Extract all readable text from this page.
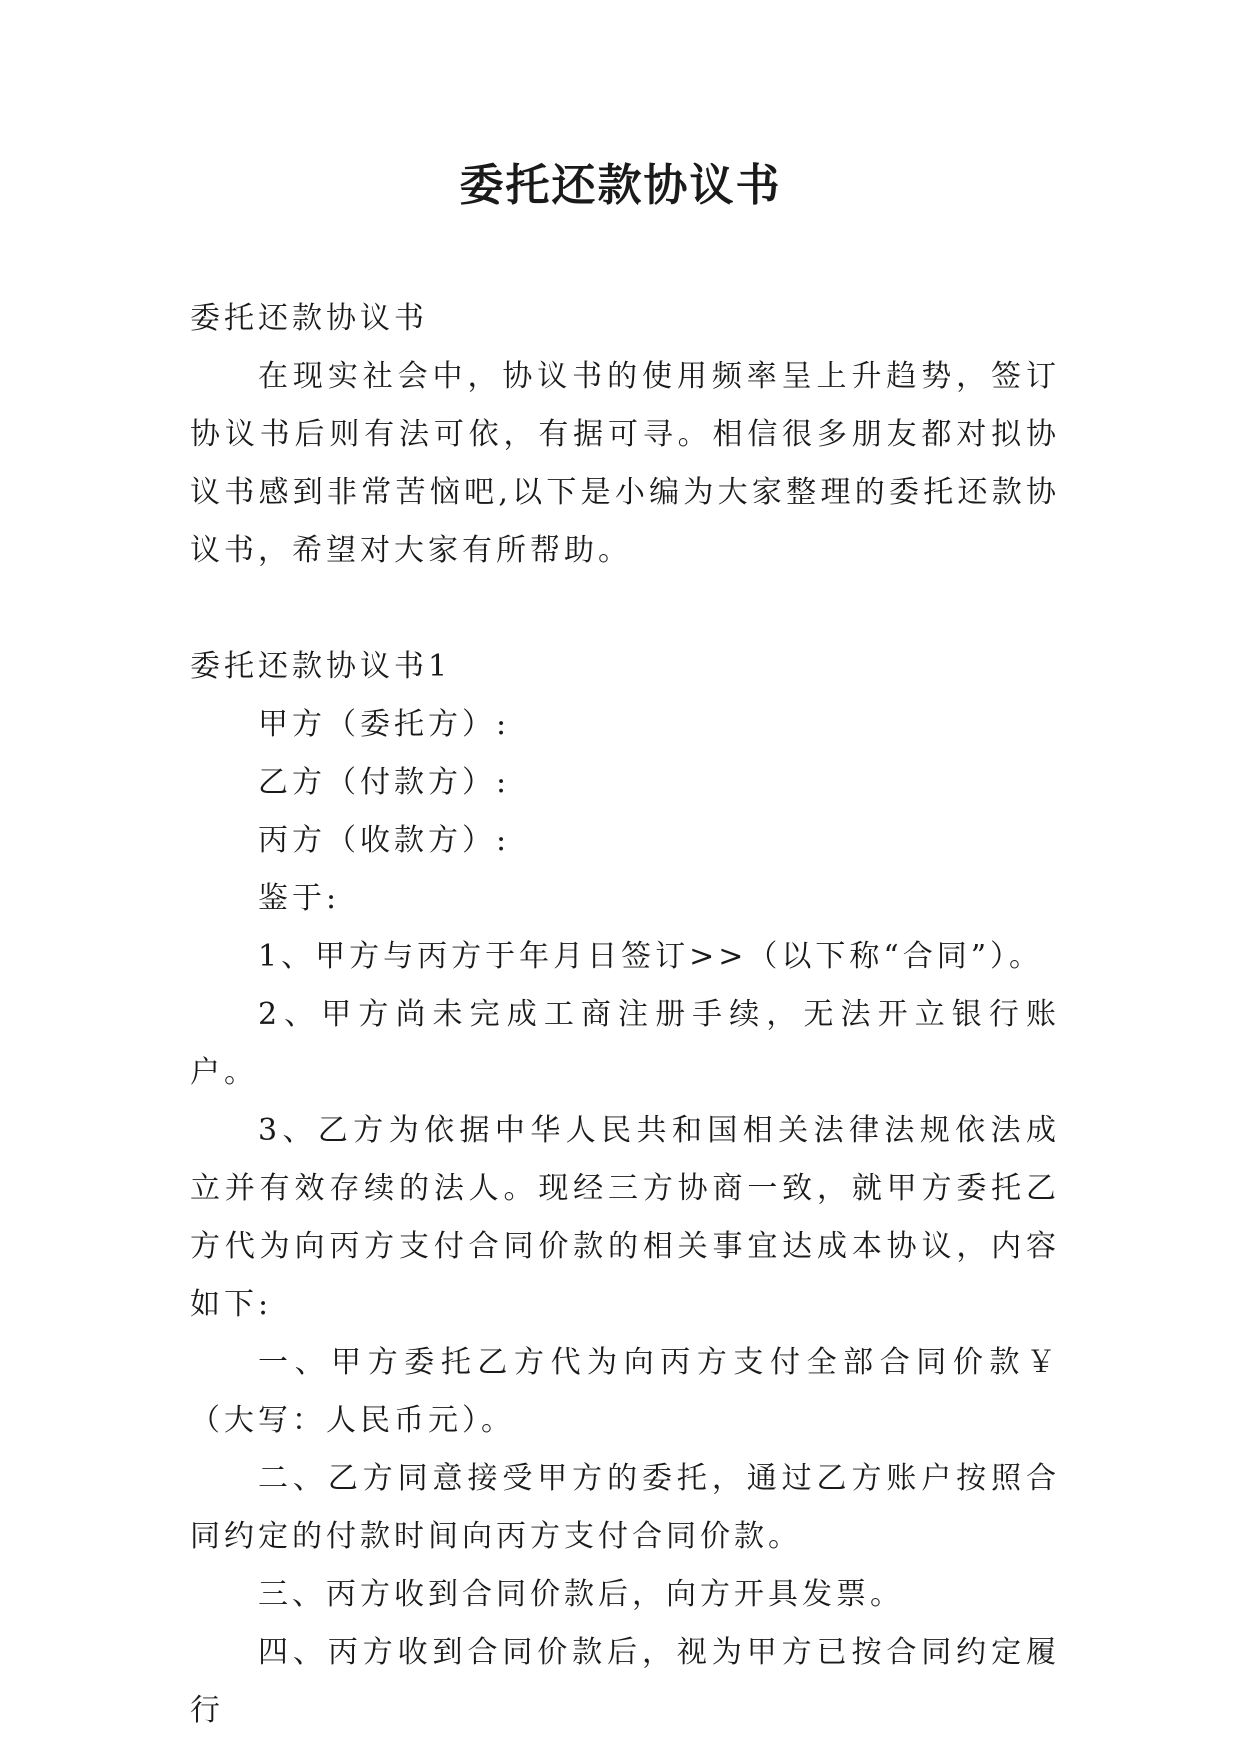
委托还款协议书

委托还款协议书

在现实社会中，协议书的使用频率呈上升趋势，签订协议书后则有法可依，有据可寻。相信很多朋友都对拟协议书感到非常苦恼吧,以下是小编为大家整理的委托还款协议书，希望对大家有所帮助。

委托还款协议书1

甲方（委托方）:

乙方（付款方）:

丙方（收款方）:

鉴于:

1、甲方与丙方于年月日签订>>（以下称“合同”）。

2、甲方尚未完成工商注册手续，无法开立银行账户。

3、乙方为依据中华人民共和国相关法律法规依法成立并有效存续的法人。现经三方协商一致，就甲方委托乙方代为向丙方支付合同价款的相关事宜达成本协议，内容如下:

一、甲方委托乙方代为向丙方支付全部合同价款￥（大写：人民币元）。

二、乙方同意接受甲方的委托，通过乙方账户按照合同约定的付款时间向丙方支付合同价款。

三、丙方收到合同价款后，向方开具发票。

四、丙方收到合同价款后，视为甲方已按合同约定履行
